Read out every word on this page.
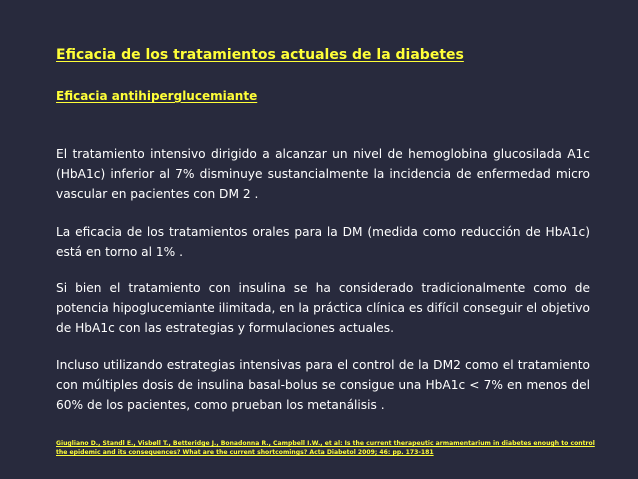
Eficacia de los tratamientos actuales de la diabetes
Eficacia antihiperglucemiante

El tratamiento intensivo dirigido a alcanzar un nivel de hemoglobina glucosilada A1c (HbA1c) inferior al 7% disminuye sustancialmente la incidencia de enfermedad micro vascular en pacientes con DM 2 .

La eficacia de los tratamientos orales para la DM (medida como reducción de HbA1c) está en torno al 1% .

Si bien el tratamiento con insulina se ha considerado tradicionalmente como de potencia hipoglucemiante ilimitada, en la práctica clínica es difícil conseguir el objetivo de HbA1c con las estrategias y formulaciones actuales.

Incluso utilizando estrategias intensivas para el control de la DM2 como el tratamiento con múltiples dosis de insulina basal-bolus se consigue una HbA1c < 7% en menos del 60% de los pacientes, como prueban los metanálisis .

Giugliano D., Standl E., Visbøll T., Betteridge J., Bonadonna R., Campbell I.W., et al: Is the current therapeutic armamentarium in diabetes enough to control the epidemic and its consequences? What are the current shortcomings? Acta Diabetol 2009; 46: pp. 173-181
